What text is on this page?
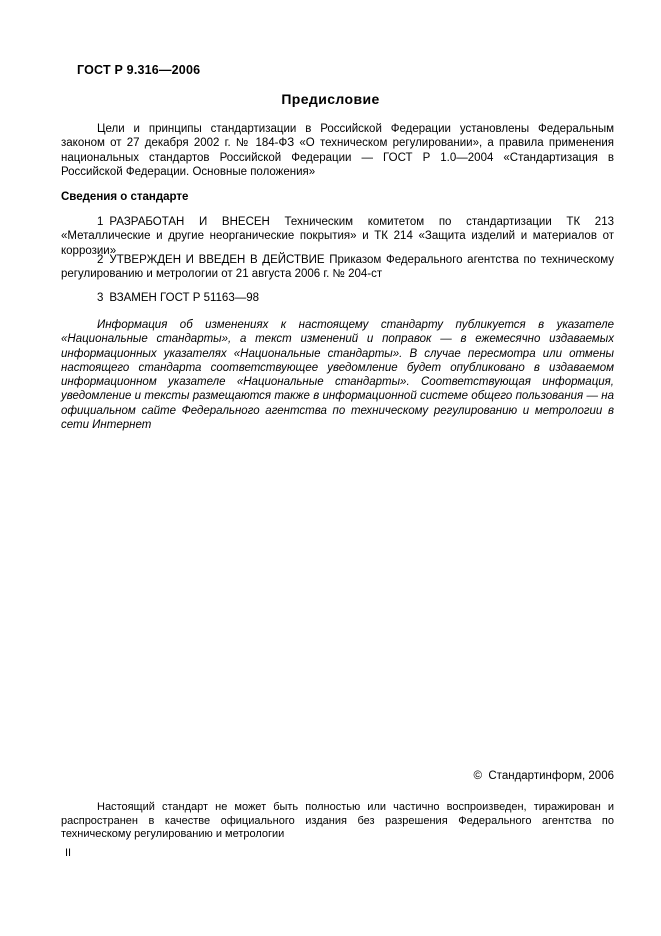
ГОСТ Р 9.316—2006
Предисловие

Цели и принципы стандартизации в Российской Федерации установлены Федеральным законом от 27 декабря 2002 г. № 184-ФЗ «О техническом регулировании», а правила применения национальных стандартов Российской Федерации — ГОСТ Р 1.0—2004 «Стандартизация в Российской Федерации. Основные положения»

Сведения о стандарте

1 РАЗРАБОТАН И ВНЕСЕН Техническим комитетом по стандартизации ТК 213 «Металлические и другие неорганические покрытия» и ТК 214 «Защита изделий и материалов от коррозии»

2 УТВЕРЖДЕН И ВВЕДЕН В ДЕЙСТВИЕ Приказом Федерального агентства по техническому регулированию и метрологии от 21 августа 2006 г. № 204-ст

3 ВЗАМЕН ГОСТ Р 51163—98

Информация об изменениях к настоящему стандарту публикуется в указателе «Национальные стандарты», а текст изменений и поправок — в ежемесячно издаваемых информационных указателях «Национальные стандарты». В случае пересмотра или отмены настоящего стандарта соответствующее уведомление будет опубликовано в издаваемом информационном указателе «Национальные стандарты». Соответствующая информация, уведомление и тексты размещаются также в информационной системе общего пользования — на официальном сайте Федерального агентства по техническому регулированию и метрологии в сети Интернет

©  Стандартинформ, 2006

Настоящий стандарт не может быть полностью или частично воспроизведен, тиражирован и распространен в качестве официального издания без разрешения Федерального агентства по техническому регулированию и метрологии

II
